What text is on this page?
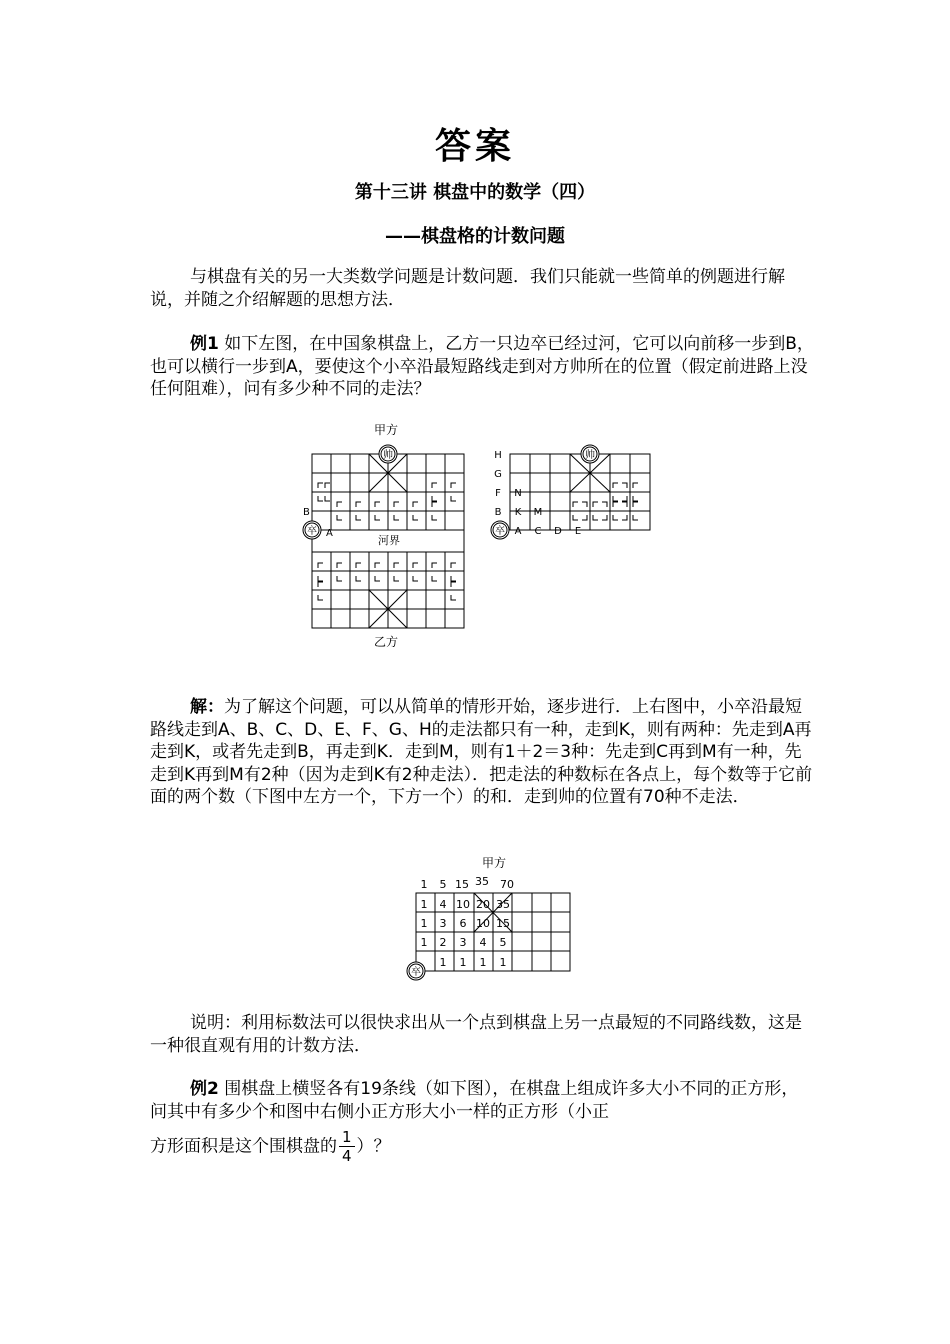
答案
第十三讲 棋盘中的数学（四）
——棋盘格的计数问题
与棋盘有关的另一大类数学问题是计数问题．我们只能就一些简单的例题进行解说，并随之介绍解题的思想方法．
例1 如下左图，在中国象棋盘上，乙方一只边卒已经过河，它可以向前移一步到B，也可以横行一步到A，要使这个小卒沿最短路线走到对方帅所在的位置（假定前进路上没任何阻难），问有多少种不同的走法？
甲方
帅
卒
B
A
河界
乙方
帅
卒
H
G
F
B
N
K M
A C D E
解：为了解这个问题，可以从简单的情形开始，逐步进行．上右图中，小卒沿最短路线走到A、B、C、D、E、F、G、H的走法都只有一种，走到K，则有两种：先走到A再走到K，或者先走到B，再走到K．走到M，则有1＋2＝3种：先走到C再到M有一种，先走到K再到M有2种（因为走到K有2种走法）．把走法的种数标在各点上，每个数等于它前面的两个数（下图中左方一个，下方一个）的和．走到帅的位置有70种不走法．
甲方
1 5 15 35 70
1 4 10 20 35
1 3 6 10 15
1 2 3 4 5
1 1 1 1
卒
说明：利用标数法可以很快求出从一个点到棋盘上另一点最短的不同路线数，这是一种很直观有用的计数方法．
例2 围棋盘上横竖各有19条线（如下图），在棋盘上组成许多大小不同的正方形，问其中有多少个和图中右侧小正方形大小一样的正方形（小正
方形面积是这个围棋盘的 $\frac{1}{4}$ ）？
